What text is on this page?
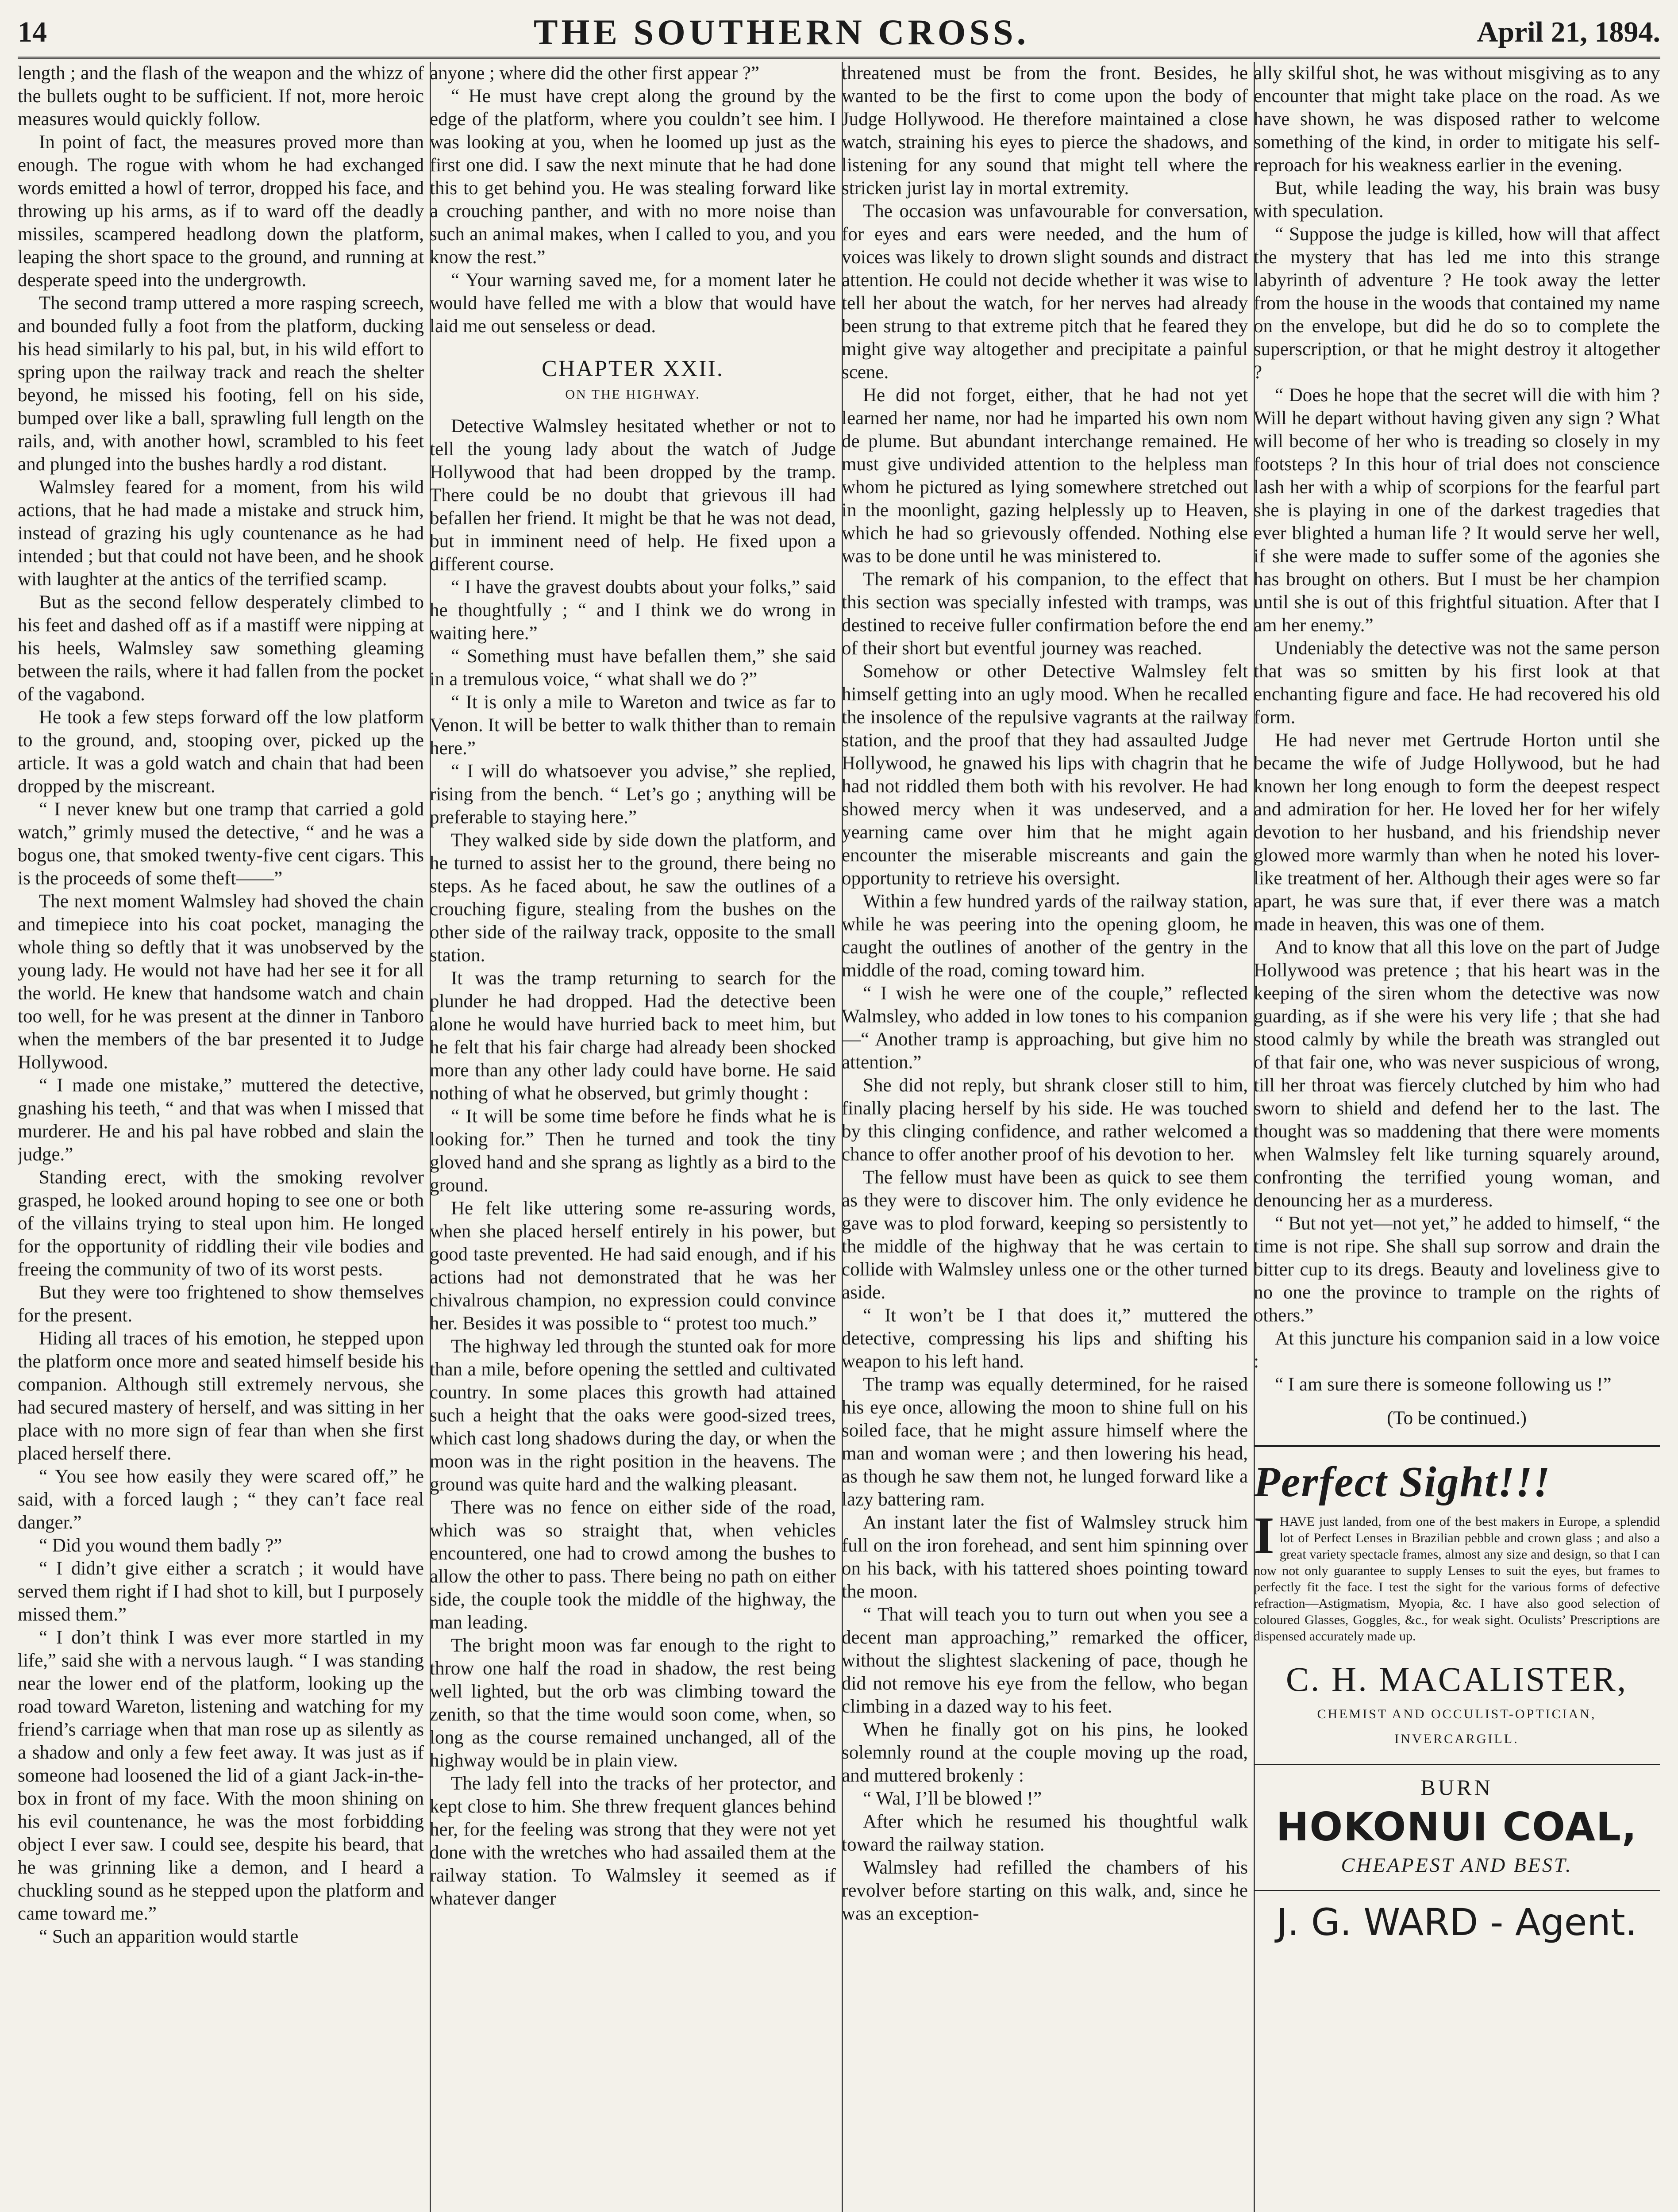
14	THE SOUTHERN CROSS.	April 21, 1894.

length ; and the flash of the weapon and the whizz of the bullets ought to be sufficient. If not, more heroic measures would quickly follow.

In point of fact, the measures proved more than enough. The rogue with whom he had exchanged words emitted a howl of terror, dropped his face, and throwing up his arms, as if to ward off the deadly missiles, scampered headlong down the platform, leaping the short space to the ground, and running at desperate speed into the undergrowth.

The second tramp uttered a more rasping screech, and bounded fully a foot from the platform, ducking his head similarly to his pal, but, in his wild effort to spring upon the railway track and reach the shelter beyond, he missed his footing, fell on his side, bumped over like a ball, sprawling full length on the rails, and, with another howl, scrambled to his feet and plunged into the bushes hardly a rod distant.

Walmsley feared for a moment, from his wild actions, that he had made a mistake and struck him, instead of grazing his ugly countenance as he had intended ; but that could not have been, and he shook with laughter at the antics of the terrified scamp.

But as the second fellow desperately climbed to his feet and dashed off as if a mastiff were nipping at his heels, Walmsley saw something gleaming between the rails, where it had fallen from the pocket of the vagabond.

He took a few steps forward off the low platform to the ground, and, stooping over, picked up the article. It was a gold watch and chain that had been dropped by the miscreant.

“ I never knew but one tramp that carried a gold watch,” grimly mused the detective, “ and he was a bogus one, that smoked twenty-five cent cigars. This is the proceeds of some theft——”

The next moment Walmsley had shoved the chain and timepiece into his coat pocket, managing the whole thing so deftly that it was unobserved by the young lady. He would not have had her see it for all the world. He knew that handsome watch and chain too well, for he was present at the dinner in Tanboro when the members of the bar presented it to Judge Hollywood.

“ I made one mistake,” muttered the detective, gnashing his teeth, “ and that was when I missed that murderer. He and his pal have robbed and slain the judge.”

Standing erect, with the smoking revolver grasped, he looked around hoping to see one or both of the villains trying to steal upon him. He longed for the opportunity of riddling their vile bodies and freeing the community of two of its worst pests.

But they were too frightened to show themselves for the present.

Hiding all traces of his emotion, he stepped upon the platform once more and seated himself beside his companion. Although still extremely nervous, she had secured mastery of herself, and was sitting in her place with no more sign of fear than when she first placed herself there.

“ You see how easily they were scared off,” he said, with a forced laugh ; “ they can’t face real danger.”

“ Did you wound them badly ?”

“ I didn’t give either a scratch ; it would have served them right if I had shot to kill, but I purposely missed them.”

“ I don’t think I was ever more startled in my life,” said she with a nervous laugh. “ I was standing near the lower end of the platform, looking up the road toward Wareton, listening and watching for my friend’s carriage when that man rose up as silently as a shadow and only a few feet away. It was just as if someone had loosened the lid of a giant Jack-in-the-box in front of my face. With the moon shining on his evil countenance, he was the most forbidding object I ever saw. I could see, despite his beard, that he was grinning like a demon, and I heard a chuckling sound as he stepped upon the platform and came toward me.”

“ Such an apparition would startle

anyone ; where did the other first appear ?”

“ He must have crept along the ground by the edge of the platform, where you couldn’t see him. I was looking at you, when he loomed up just as the first one did. I saw the next minute that he had done this to get behind you. He was stealing forward like a crouching panther, and with no more noise than such an animal makes, when I called to you, and you know the rest.”

“ Your warning saved me, for a moment later he would have felled me with a blow that would have laid me out senseless or dead.

CHAPTER XXII.
ON THE HIGHWAY.

Detective Walmsley hesitated whether or not to tell the young lady about the watch of Judge Hollywood that had been dropped by the tramp. There could be no doubt that grievous ill had befallen her friend. It might be that he was not dead, but in imminent need of help. He fixed upon a different course.

“ I have the gravest doubts about your folks,” said he thoughtfully ; “ and I think we do wrong in waiting here.”

“ Something must have befallen them,” she said in a tremulous voice, “ what shall we do ?”

“ It is only a mile to Wareton and twice as far to Venon. It will be better to walk thither than to remain here.”

“ I will do whatsoever you advise,” she replied, rising from the bench. “ Let’s go ; anything will be preferable to staying here.”

They walked side by side down the platform, and he turned to assist her to the ground, there being no steps. As he faced about, he saw the outlines of a crouching figure, stealing from the bushes on the other side of the railway track, opposite to the small station.

It was the tramp returning to search for the plunder he had dropped. Had the detective been alone he would have hurried back to meet him, but he felt that his fair charge had already been shocked more than any other lady could have borne. He said nothing of what he observed, but grimly thought :

“ It will be some time before he finds what he is looking for.” Then he turned and took the tiny gloved hand and she sprang as lightly as a bird to the ground.

He felt like uttering some re-assuring words, when she placed herself entirely in his power, but good taste prevented. He had said enough, and if his actions had not demonstrated that he was her chivalrous champion, no expression could convince her. Besides it was possible to “ protest too much.”

The highway led through the stunted oak for more than a mile, before opening the settled and cultivated country. In some places this growth had attained such a height that the oaks were good-sized trees, which cast long shadows during the day, or when the moon was in the right position in the heavens. The ground was quite hard and the walking pleasant.

There was no fence on either side of the road, which was so straight that, when vehicles encountered, one had to crowd among the bushes to allow the other to pass. There being no path on either side, the couple took the middle of the highway, the man leading.

The bright moon was far enough to the right to throw one half the road in shadow, the rest being well lighted, but the orb was climbing toward the zenith, so that the time would soon come, when, so long as the course remained unchanged, all of the highway would be in plain view.

The lady fell into the tracks of her protector, and kept close to him. She threw frequent glances behind her, for the feeling was strong that they were not yet done with the wretches who had assailed them at the railway station. To Walmsley it seemed as if whatever danger

threatened must be from the front. Besides, he wanted to be the first to come upon the body of Judge Hollywood. He therefore maintained a close watch, straining his eyes to pierce the shadows, and listening for any sound that might tell where the stricken jurist lay in mortal extremity.

The occasion was unfavourable for conversation, for eyes and ears were needed, and the hum of voices was likely to drown slight sounds and distract attention. He could not decide whether it was wise to tell her about the watch, for her nerves had already been strung to that extreme pitch that he feared they might give way altogether and precipitate a painful scene.

He did not forget, either, that he had not yet learned her name, nor had he imparted his own nom de plume. But abundant interchange remained. He must give undivided attention to the helpless man whom he pictured as lying somewhere stretched out in the moonlight, gazing helplessly up to Heaven, which he had so grievously offended. Nothing else was to be done until he was ministered to.

The remark of his companion, to the effect that this section was specially infested with tramps, was destined to receive fuller confirmation before the end of their short but eventful journey was reached.

Somehow or other Detective Walmsley felt himself getting into an ugly mood. When he recalled the insolence of the repulsive vagrants at the railway station, and the proof that they had assaulted Judge Hollywood, he gnawed his lips with chagrin that he had not riddled them both with his revolver. He had showed mercy when it was undeserved, and a yearning came over him that he might again encounter the miserable miscreants and gain the opportunity to retrieve his oversight.

Within a few hundred yards of the railway station, while he was peering into the opening gloom, he caught the outlines of another of the gentry in the middle of the road, coming toward him.

“ I wish he were one of the couple,” reflected Walmsley, who added in low tones to his companion —“ Another tramp is approaching, but give him no attention.”

She did not reply, but shrank closer still to him, finally placing herself by his side. He was touched by this clinging confidence, and rather welcomed a chance to offer another proof of his devotion to her.

The fellow must have been as quick to see them as they were to discover him. The only evidence he gave was to plod forward, keeping so persistently to the middle of the highway that he was certain to collide with Walmsley unless one or the other turned aside.

“ It won’t be I that does it,” muttered the detective, compressing his lips and shifting his weapon to his left hand.

The tramp was equally determined, for he raised his eye once, allowing the moon to shine full on his soiled face, that he might assure himself where the man and woman were ; and then lowering his head, as though he saw them not, he lunged forward like a lazy battering ram.

An instant later the fist of Walmsley struck him full on the iron forehead, and sent him spinning over on his back, with his tattered shoes pointing toward the moon.

“ That will teach you to turn out when you see a decent man approaching,” remarked the officer, without the slightest slackening of pace, though he did not remove his eye from the fellow, who began climbing in a dazed way to his feet.

When he finally got on his pins, he looked solemnly round at the couple moving up the road, and muttered brokenly :

“ Wal, I’ll be blowed !”

After which he resumed his thoughtful walk toward the railway station.

Walmsley had refilled the chambers of his revolver before starting on this walk, and, since he was an exception-

ally skilful shot, he was without misgiving as to any encounter that might take place on the road. As we have shown, he was disposed rather to welcome something of the kind, in order to mitigate his self-reproach for his weakness earlier in the evening.

But, while leading the way, his brain was busy with speculation.

“ Suppose the judge is killed, how will that affect the mystery that has led me into this strange labyrinth of adventure ? He took away the letter from the house in the woods that contained my name on the envelope, but did he do so to complete the superscription, or that he might destroy it altogether ?

“ Does he hope that the secret will die with him ? Will he depart without having given any sign ? What will become of her who is treading so closely in my footsteps ? In this hour of trial does not conscience lash her with a whip of scorpions for the fearful part she is playing in one of the darkest tragedies that ever blighted a human life ? It would serve her well, if she were made to suffer some of the agonies she has brought on others. But I must be her champion until she is out of this frightful situation. After that I am her enemy.”

Undeniably the detective was not the same person that was so smitten by his first look at that enchanting figure and face. He had recovered his old form.

He had never met Gertrude Horton until she became the wife of Judge Hollywood, but he had known her long enough to form the deepest respect and admiration for her. He loved her for her wifely devotion to her husband, and his friendship never glowed more warmly than when he noted his lover-like treatment of her. Although their ages were so far apart, he was sure that, if ever there was a match made in heaven, this was one of them.

And to know that all this love on the part of Judge Hollywood was pretence ; that his heart was in the keeping of the siren whom the detective was now guarding, as if she were his very life ; that she had stood calmly by while the breath was strangled out of that fair one, who was never suspicious of wrong, till her throat was fiercely clutched by him who had sworn to shield and defend her to the last. The thought was so maddening that there were moments when Walmsley felt like turning squarely around, confronting the terrified young woman, and denouncing her as a murderess.

“ But not yet—not yet,” he added to himself, “ the time is not ripe. She shall sup sorrow and drain the bitter cup to its dregs. Beauty and loveliness give to no one the province to trample on the rights of others.”

At this juncture his companion said in a low voice :

“ I am sure there is someone following us !”

(To be continued.)
Perfect Sight!!!
I HAVE just landed, from one of the best makers in Europe, a splendid lot of Perfect Lenses in Brazilian pebble and crown glass ; and also a great variety spectacle frames, almost any size and design, so that I can now not only guarantee to supply Lenses to suit the eyes, but frames to perfectly fit the face. I test the sight for the various forms of defective refraction—Astigmatism, Myopia, &c. I have also good selection of coloured Glasses, Goggles, &c., for weak sight. Oculists’ Prescriptions are dispensed accurately made up.
C. H. MACALISTER,
CHEMIST AND OCCULIST-OPTICIAN,
INVERCARGILL.
BURN
HOKONUI COAL,
CHEAPEST AND BEST.
J. G. WARD - Agent.
